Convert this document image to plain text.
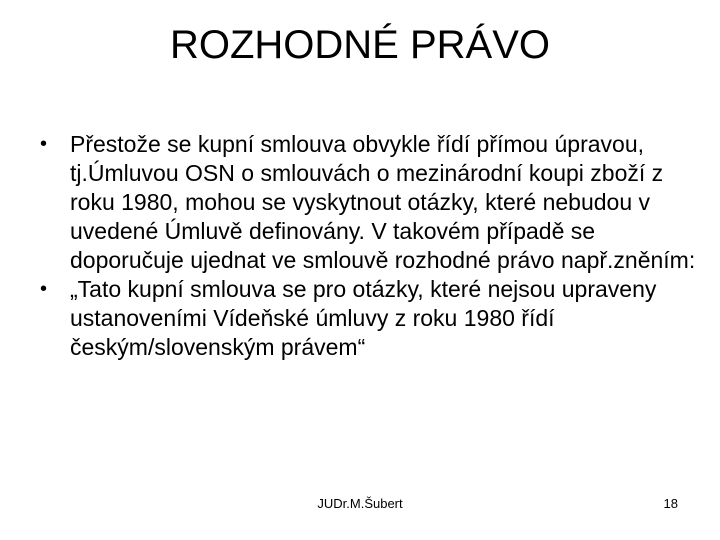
ROZHODNÉ PRÁVO
• Přestože se kupní smlouva obvykle řídí přímou úpravou, tj.Úmluvou OSN o smlouvách o mezinárodní koupi zboží z roku 1980, mohou se vyskytnout otázky, které nebudou v uvedené Úmluvě definovány. V takovém případě se doporučuje ujednat ve smlouvě rozhodné právo např.zněním:
• „Tato kupní smlouva se pro otázky, které nejsou upraveny ustanoveními Vídeňské úmluvy z roku 1980 řídí českým/slovenským právem“
JUDr.M.Šubert	18
